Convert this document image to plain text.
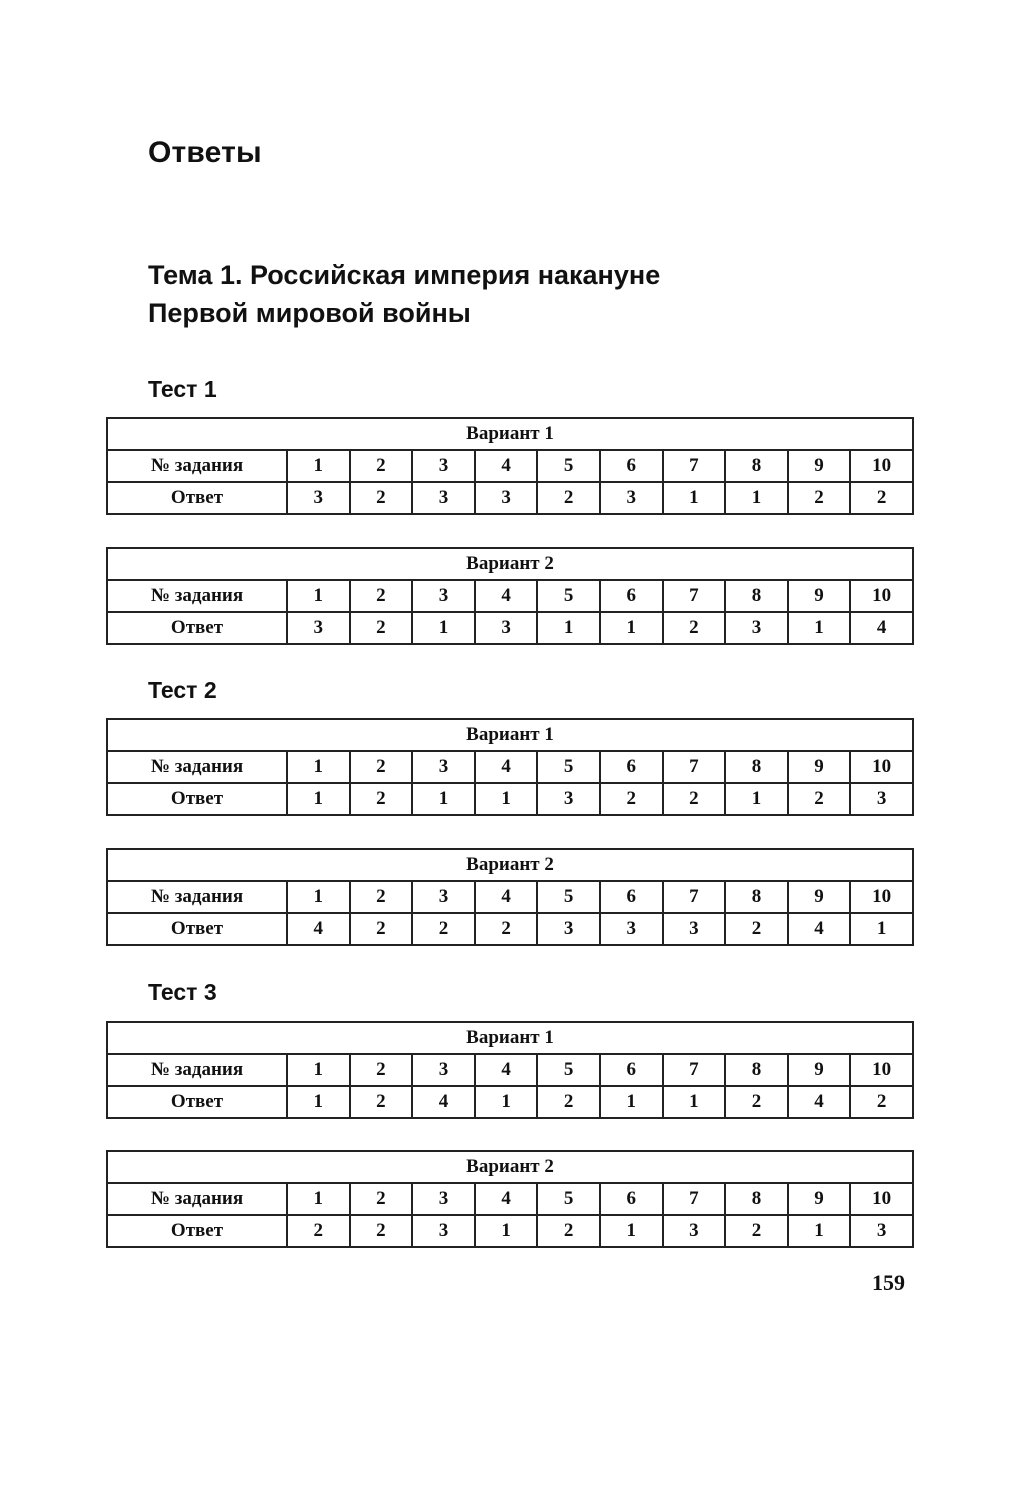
Ответы
Тема 1. Российская империя накануне
Первой мировой войны
Тест 1
Вариант 1										
№ задания	1	2	3	4	5	6	7	8	9	10
Ответ	3	2	3	3	2	3	1	1	2	2
Вариант 2										
№ задания	1	2	3	4	5	6	7	8	9	10
Ответ	3	2	1	3	1	1	2	3	1	4
Тест 2
Вариант 1										
№ задания	1	2	3	4	5	6	7	8	9	10
Ответ	1	2	1	1	3	2	2	1	2	3
Вариант 2										
№ задания	1	2	3	4	5	6	7	8	9	10
Ответ	4	2	2	2	3	3	3	2	4	1
Тест 3
Вариант 1										
№ задания	1	2	3	4	5	6	7	8	9	10
Ответ	1	2	4	1	2	1	1	2	4	2
Вариант 2										
№ задания	1	2	3	4	5	6	7	8	9	10
Ответ	2	2	3	1	2	1	3	2	1	3
159
